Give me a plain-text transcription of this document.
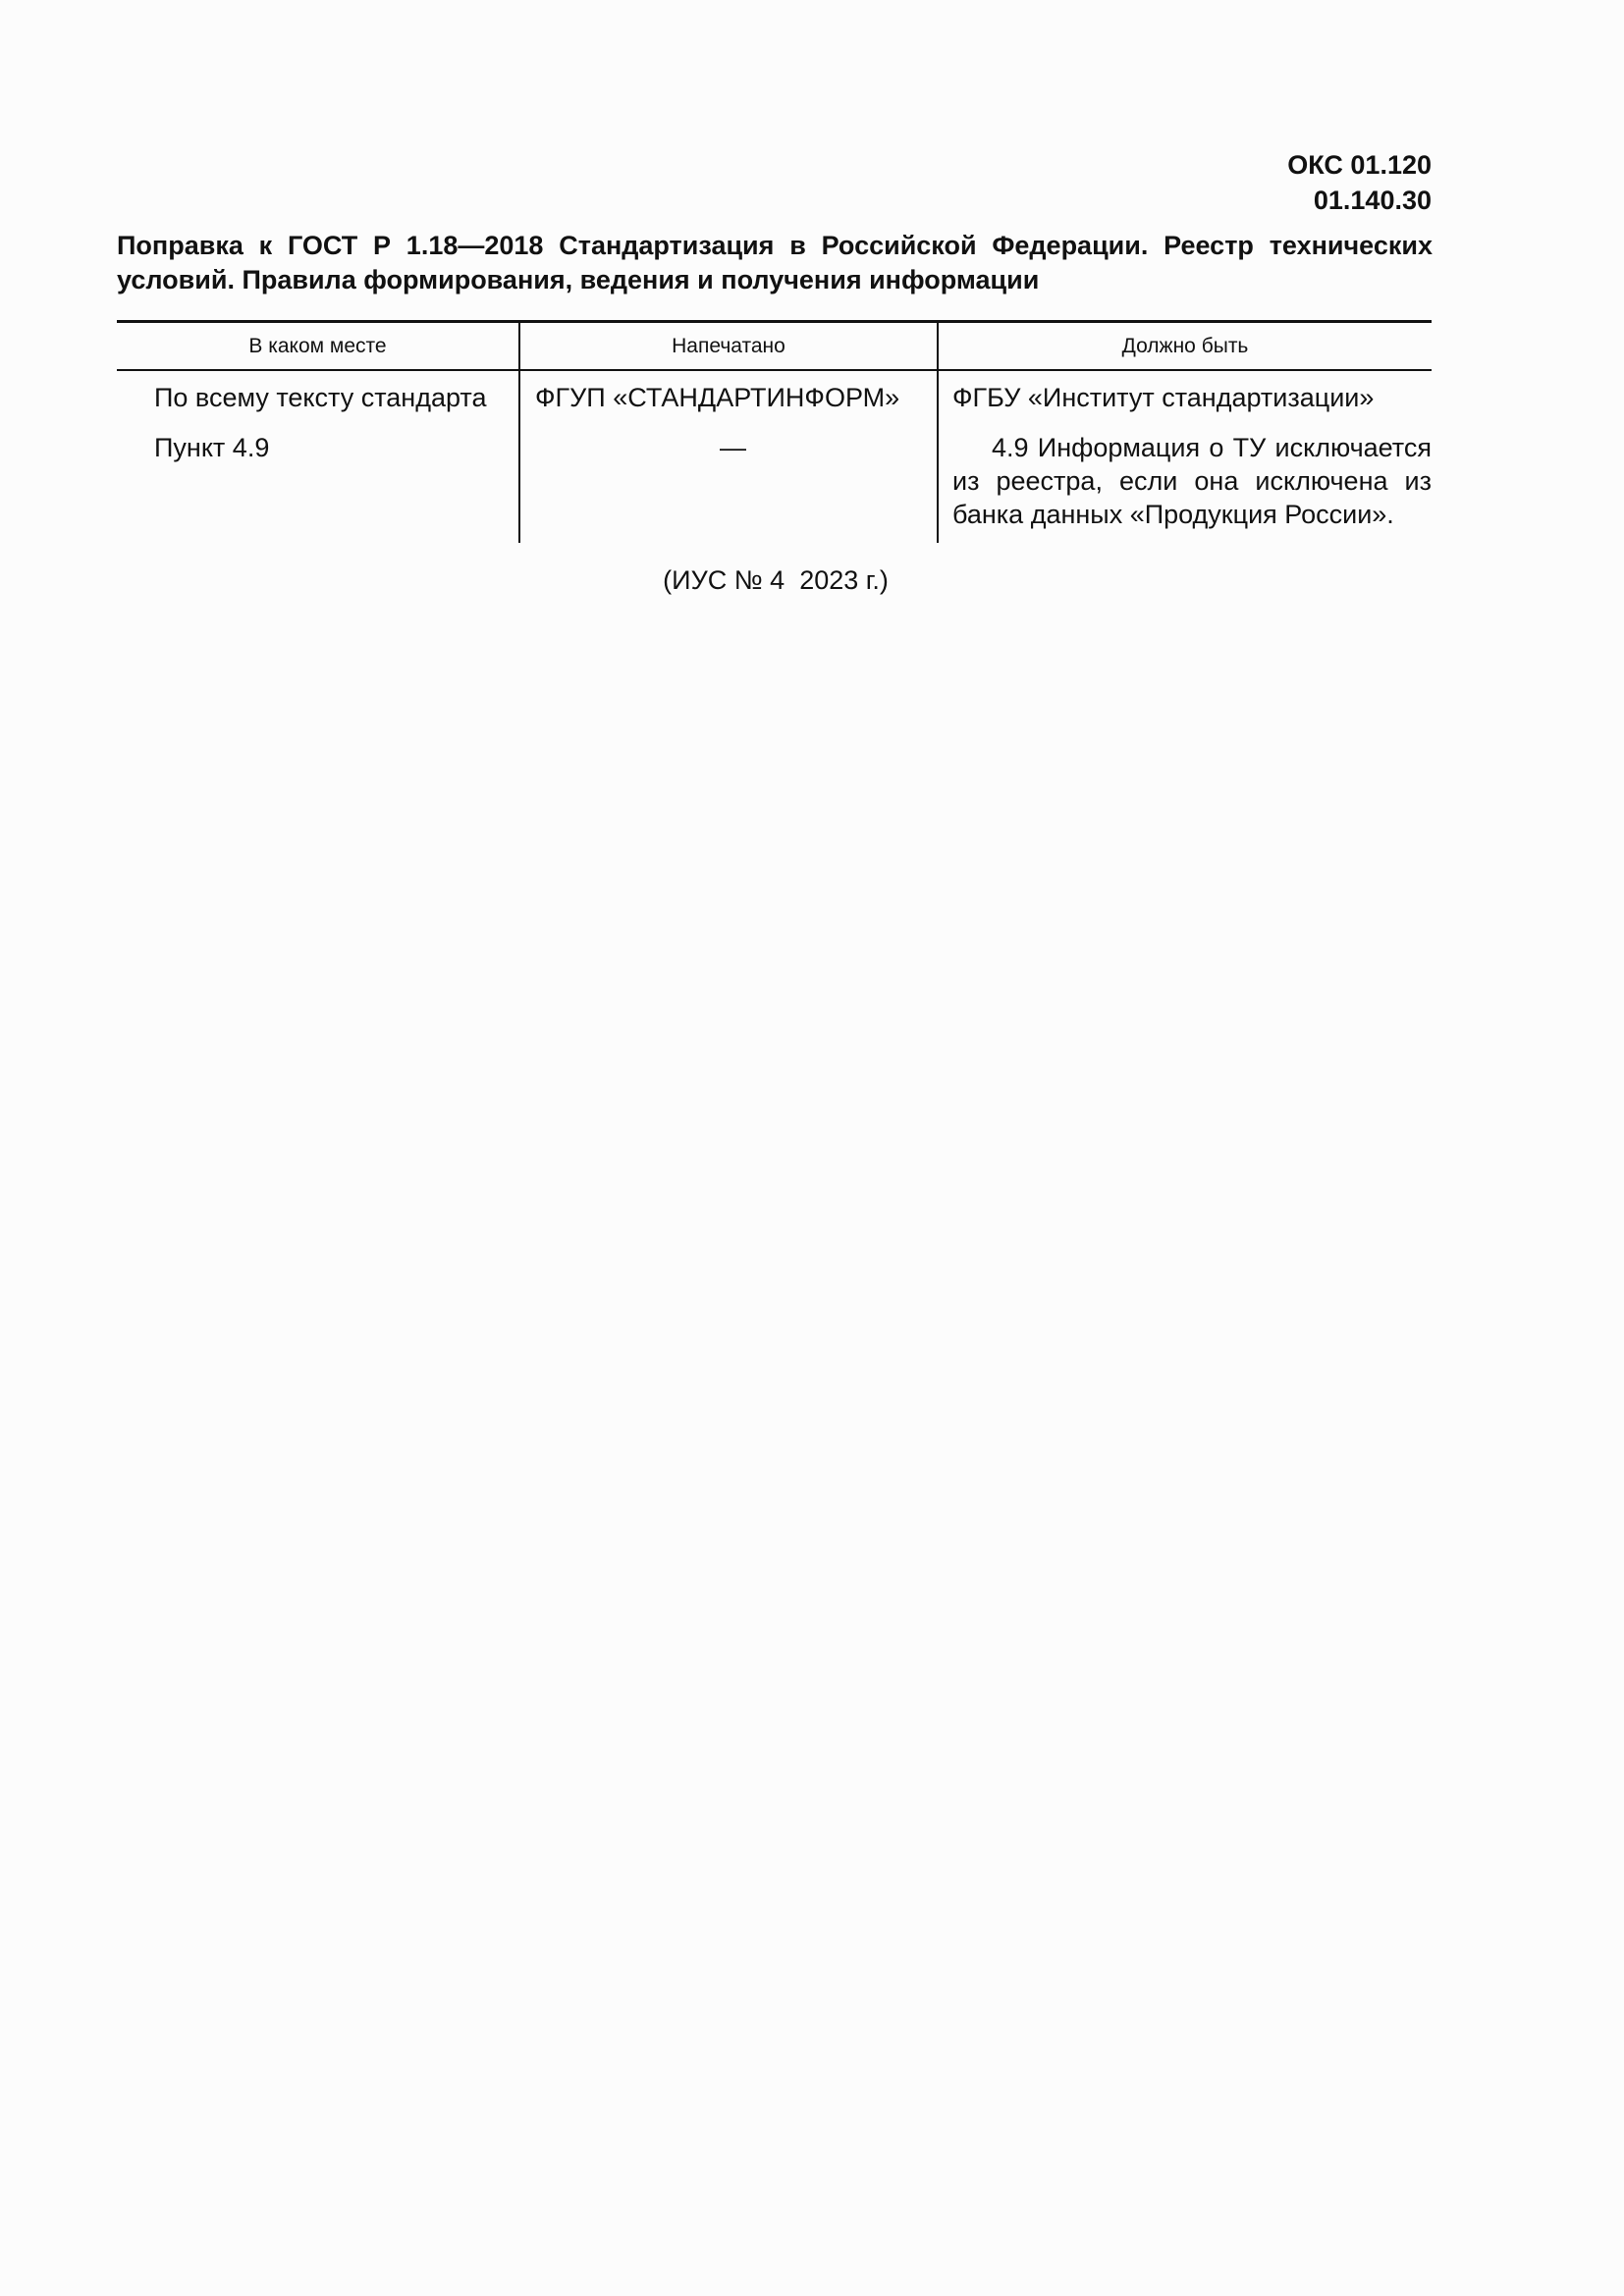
ОКС 01.120
01.140.30
Поправка к ГОСТ Р 1.18—2018 Стандартизация в Российской Федерации. Реестр технических условий. Правила формирования, ведения и получения информации
В каком месте	Напечатано	Должно быть
По всему тексту стандарта
Пункт 4.9
ФГУП «СТАНДАРТИНФОРМ»
—
ФГБУ «Институт стандартизации»
4.9 Информация о ТУ исключается из реестра, если она исключена из банка данных «Продукция России».
(ИУС № 4  2023 г.)
